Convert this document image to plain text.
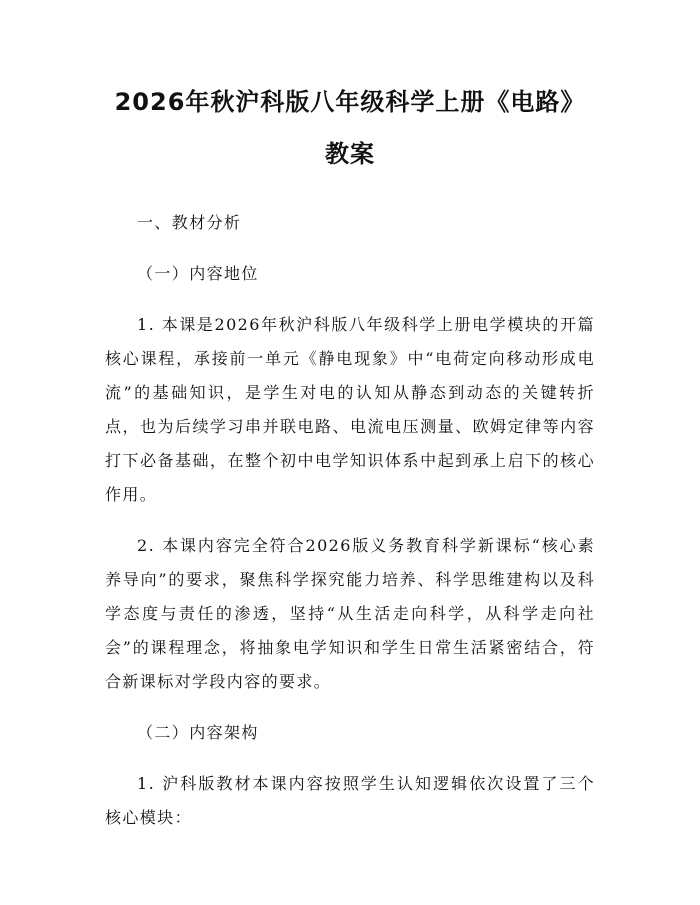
2026年秋沪科版八年级科学上册《电路》教案

一、教材分析

（一）内容地位

1. 本课是2026年秋沪科版八年级科学上册电学模块的开篇核心课程，承接前一单元《静电现象》中“电荷定向移动形成电流”的基础知识，是学生对电的认知从静态到动态的关键转折点，也为后续学习串并联电路、电流电压测量、欧姆定律等内容打下必备基础，在整个初中电学知识体系中起到承上启下的核心作用。

2. 本课内容完全符合2026版义务教育科学新课标“核心素养导向”的要求，聚焦科学探究能力培养、科学思维建构以及科学态度与责任的渗透，坚持“从生活走向科学，从科学走向社会”的课程理念，将抽象电学知识和学生日常生活紧密结合，符合新课标对学段内容的要求。

（二）内容架构

1. 沪科版教材本课内容按照学生认知逻辑依次设置了三个核心模块：
